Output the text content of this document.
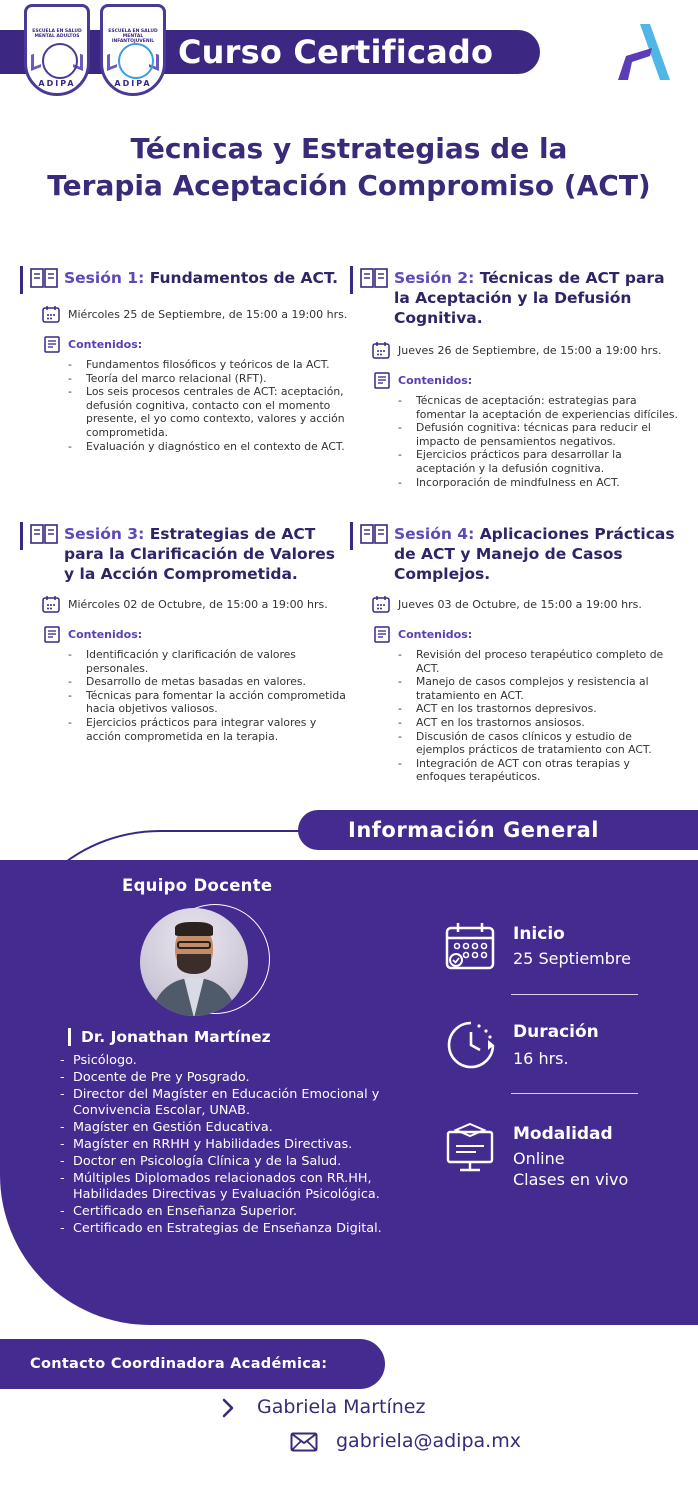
ESCUELA EN SALUD MENTAL ADULTOS
ADIPA
ESCUELA EN SALUD MENTAL INFANTOJUVENIL
ADIPA
Curso Certificado
Técnicas y Estrategias de la
Terapia Aceptación Compromiso (ACT)
Sesión 1: Fundamentos de ACT.
Miércoles 25 de Septiembre, de 15:00 a 19:00 hrs.
Contenidos:
- Fundamentos filosóficos y teóricos de la ACT.
- Teoría del marco relacional (RFT).
- Los seis procesos centrales de ACT: aceptación, defusión cognitiva, contacto con el momento presente, el yo como contexto, valores y acción comprometida.
- Evaluación y diagnóstico en el contexto de ACT.
Sesión 2: Técnicas de ACT para
la Aceptación y la Defusión
Cognitiva.
Jueves 26 de Septiembre, de 15:00 a 19:00 hrs.
Contenidos:
- Técnicas de aceptación: estrategias para fomentar la aceptación de experiencias difíciles.
- Defusión cognitiva: técnicas para reducir el impacto de pensamientos negativos.
- Ejercicios prácticos para desarrollar la aceptación y la defusión cognitiva.
- Incorporación de mindfulness en ACT.
Sesión 3: Estrategias de ACT
para la Clarificación de Valores
y la Acción Comprometida.
Miércoles 02 de Octubre, de 15:00 a 19:00 hrs.
Contenidos:
- Identificación y clarificación de valores personales.
- Desarrollo de metas basadas en valores.
- Técnicas para fomentar la acción comprometida hacia objetivos valiosos.
- Ejercicios prácticos para integrar valores y acción comprometida en la terapia.
Sesión 4: Aplicaciones Prácticas
de ACT y Manejo de Casos
Complejos.
Jueves 03 de Octubre, de 15:00 a 19:00 hrs.
Contenidos:
- Revisión del proceso terapéutico completo de ACT.
- Manejo de casos complejos y resistencia al tratamiento en ACT.
- ACT en los trastornos depresivos.
- ACT en los trastornos ansiosos.
- Discusión de casos clínicos y estudio de ejemplos prácticos de tratamiento con ACT.
- Integración de ACT con otras terapias y enfoques terapéuticos.
Información General
Equipo Docente
Dr. Jonathan Martínez
- Psicólogo.
- Docente de Pre y Posgrado.
- Director del Magíster en Educación Emocional y Convivencia Escolar, UNAB.
- Magíster en Gestión Educativa.
- Magíster en RRHH y Habilidades Directivas.
- Doctor en Psicología Clínica y de la Salud.
- Múltiples Diplomados relacionados con RR.HH, Habilidades Directivas y Evaluación Psicológica.
- Certificado en Enseñanza Superior.
- Certificado en Estrategias de Enseñanza Digital.
Inicio
25 Septiembre
Duración
16 hrs.
Modalidad
Online
Clases en vivo
Contacto Coordinadora Académica:
Gabriela Martínez
gabriela@adipa.mx
